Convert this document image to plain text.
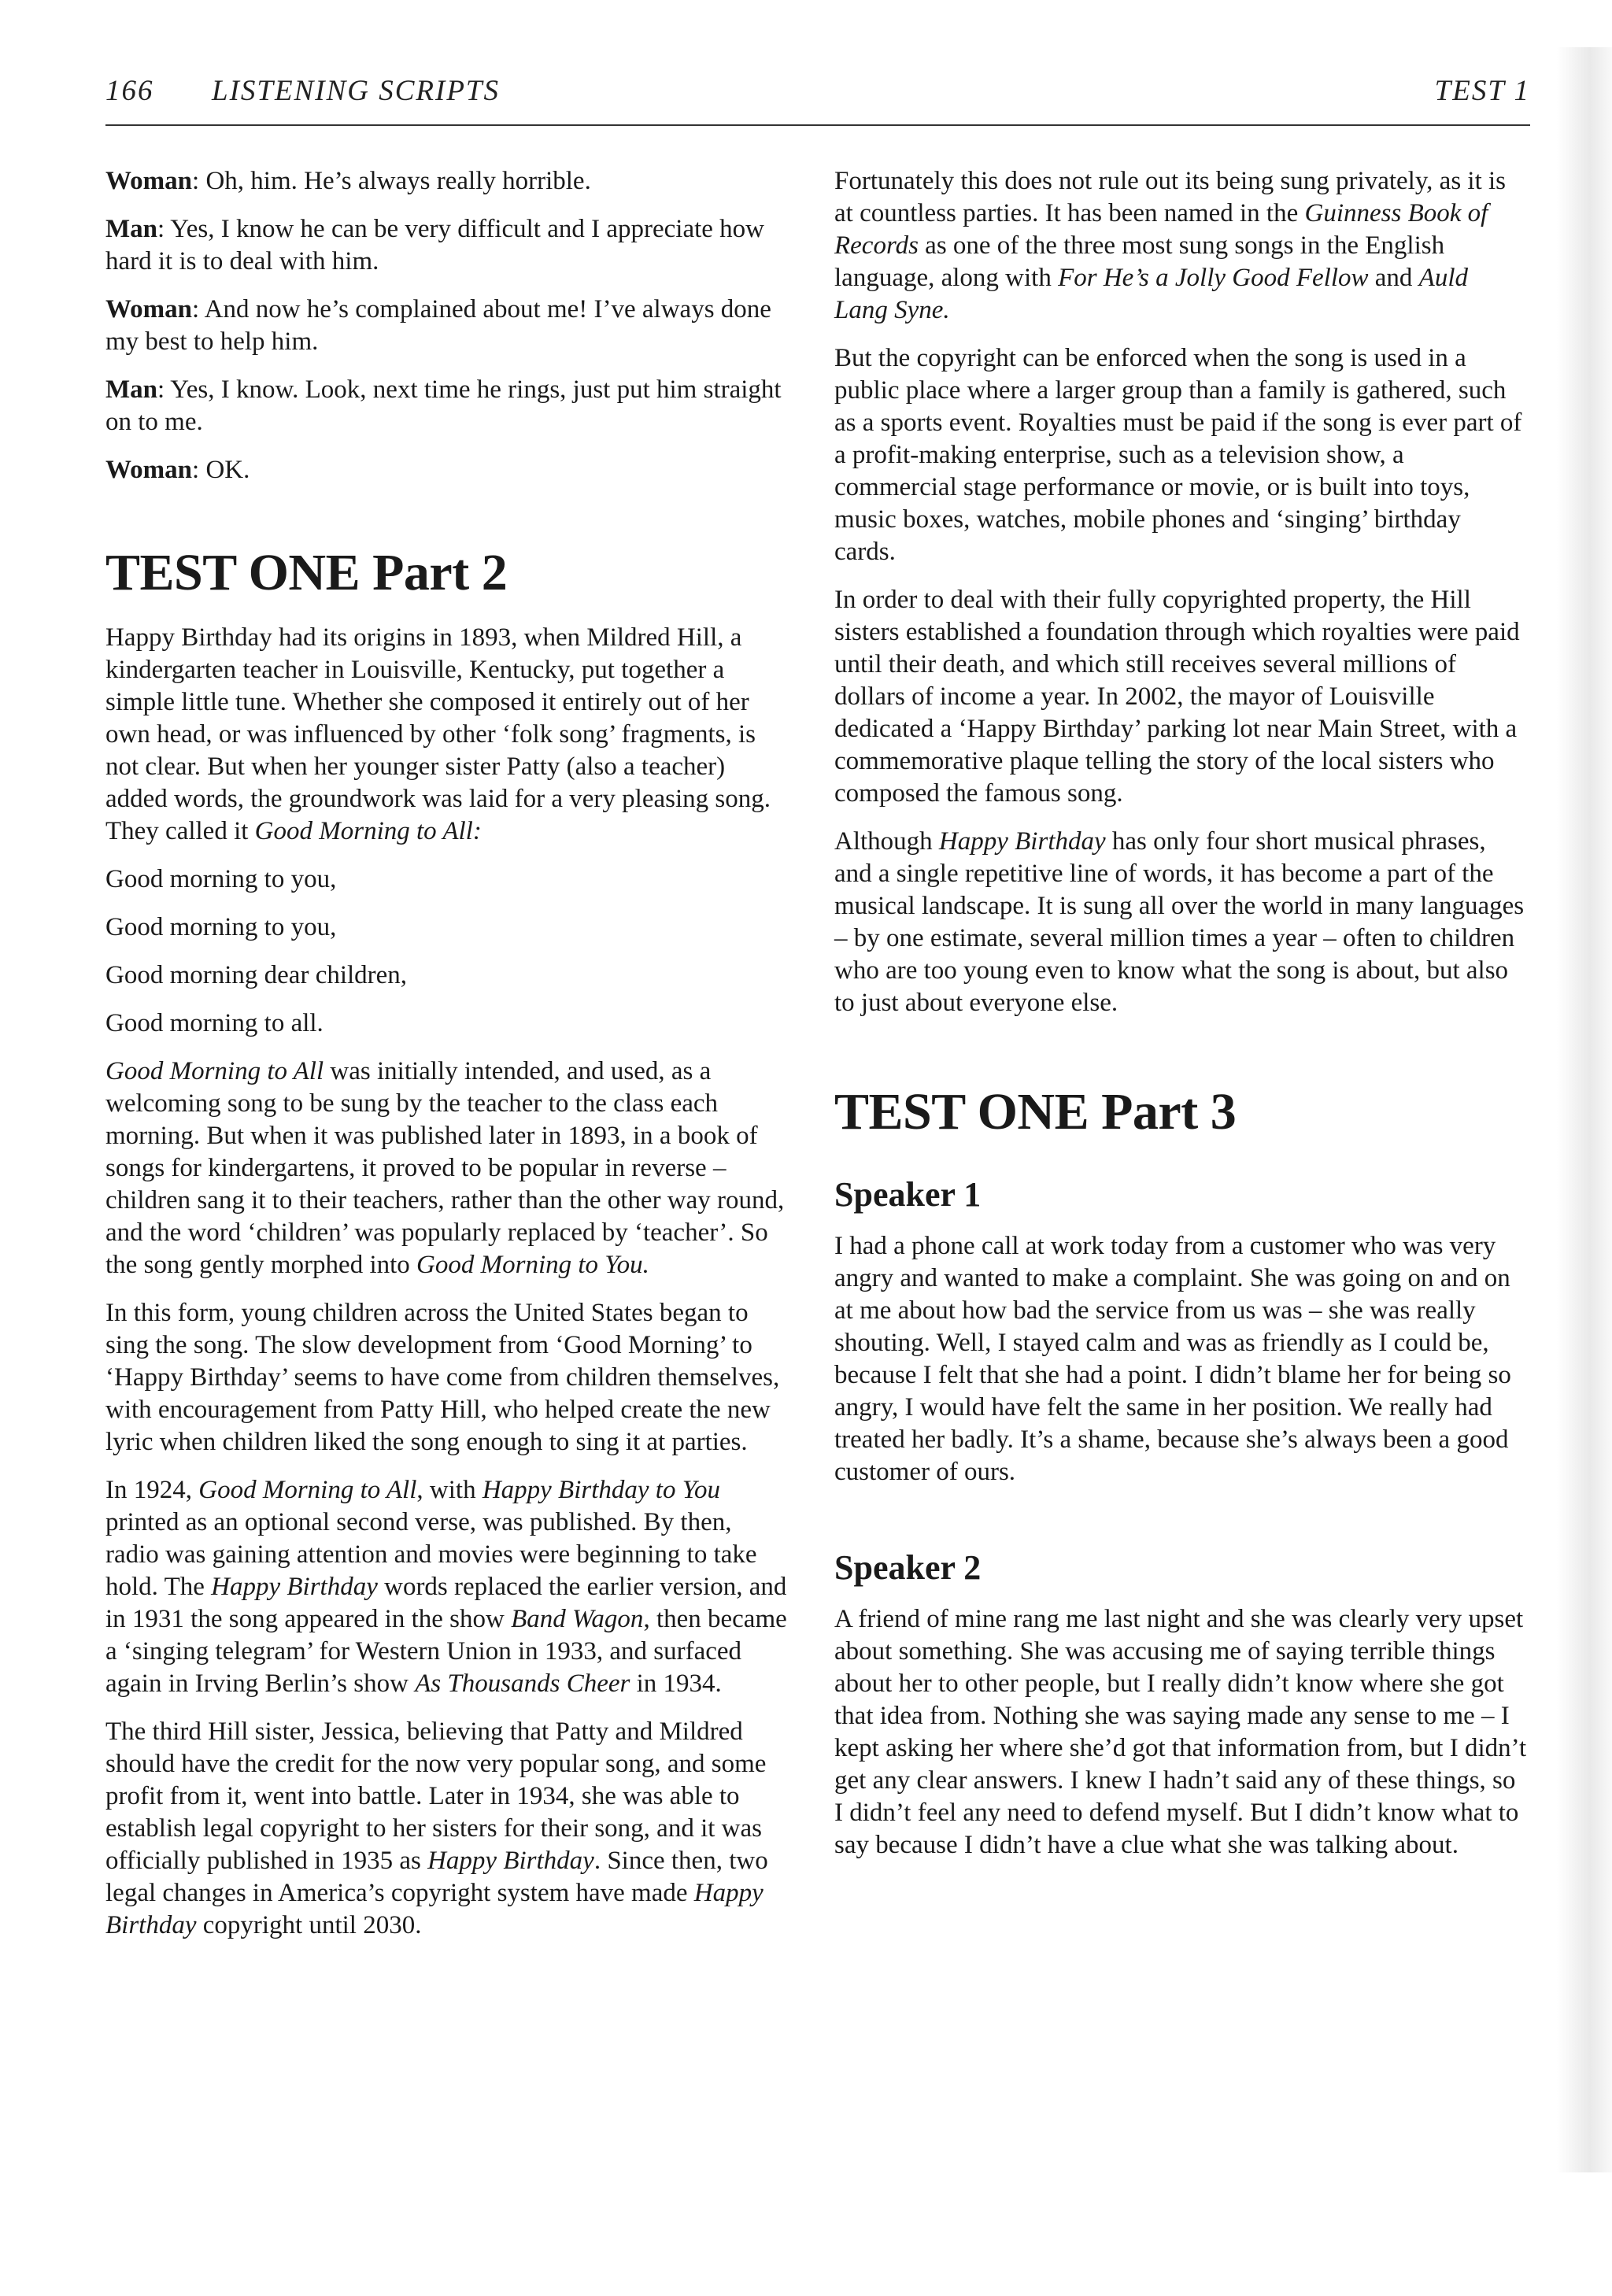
166 LISTENING SCRIPTS	TEST 1

Woman: Oh, him. He’s always really horrible.

Man: Yes, I know he can be very difficult and I appreciate how hard it is to deal with him.

Woman: And now he’s complained about me! I’ve always done my best to help him.

Man: Yes, I know. Look, next time he rings, just put him straight on to me.

Woman: OK.

TEST ONE Part 2

Happy Birthday had its origins in 1893, when Mildred Hill, a kindergarten teacher in Louisville, Kentucky, put together a simple little tune. Whether she composed it entirely out of her own head, or was influenced by other ‘folk song’ fragments, is not clear. But when her younger sister Patty (also a teacher) added words, the groundwork was laid for a very pleasing song. They called it Good Morning to All:

Good morning to you,

Good morning to you,

Good morning dear children,

Good morning to all.

Good Morning to All was initially intended, and used, as a welcoming song to be sung by the teacher to the class each morning. But when it was published later in 1893, in a book of songs for kindergartens, it proved to be popular in reverse – children sang it to their teachers, rather than the other way round, and the word ‘children’ was popularly replaced by ‘teacher’. So the song gently morphed into Good Morning to You.

In this form, young children across the United States began to sing the song. The slow development from ‘Good Morning’ to ‘Happy Birthday’ seems to have come from children themselves, with encouragement from Patty Hill, who helped create the new lyric when children liked the song enough to sing it at parties.

In 1924, Good Morning to All, with Happy Birthday to You printed as an optional second verse, was published. By then, radio was gaining attention and movies were beginning to take hold. The Happy Birthday words replaced the earlier version, and in 1931 the song appeared in the show Band Wagon, then became a ‘singing telegram’ for Western Union in 1933, and surfaced again in Irving Berlin’s show As Thousands Cheer in 1934.

The third Hill sister, Jessica, believing that Patty and Mildred should have the credit for the now very popular song, and some profit from it, went into battle. Later in 1934, she was able to establish legal copyright to her sisters for their song, and it was officially published in 1935 as Happy Birthday. Since then, two legal changes in America’s copyright system have made Happy Birthday copyright until 2030.

Fortunately this does not rule out its being sung privately, as it is at countless parties. It has been named in the Guinness Book of Records as one of the three most sung songs in the English language, along with For He’s a Jolly Good Fellow and Auld Lang Syne.

But the copyright can be enforced when the song is used in a public place where a larger group than a family is gathered, such as a sports event. Royalties must be paid if the song is ever part of a profit-making enterprise, such as a television show, a commercial stage performance or movie, or is built into toys, music boxes, watches, mobile phones and ‘singing’ birthday cards.

In order to deal with their fully copyrighted property, the Hill sisters established a foundation through which royalties were paid until their death, and which still receives several millions of dollars of income a year. In 2002, the mayor of Louisville dedicated a ‘Happy Birthday’ parking lot near Main Street, with a commemorative plaque telling the story of the local sisters who composed the famous song.

Although Happy Birthday has only four short musical phrases, and a single repetitive line of words, it has become a part of the musical landscape. It is sung all over the world in many languages – by one estimate, several million times a year – often to children who are too young even to know what the song is about, but also to just about everyone else.

TEST ONE Part 3
Speaker 1

I had a phone call at work today from a customer who was very angry and wanted to make a complaint. She was going on and on at me about how bad the service from us was – she was really shouting. Well, I stayed calm and was as friendly as I could be, because I felt that she had a point. I didn’t blame her for being so angry, I would have felt the same in her position. We really had treated her badly. It’s a shame, because she’s always been a good customer of ours.

Speaker 2

A friend of mine rang me last night and she was clearly very upset about something. She was accusing me of saying terrible things about her to other people, but I really didn’t know where she got that idea from. Nothing she was saying made any sense to me – I kept asking her where she’d got that information from, but I didn’t get any clear answers. I knew I hadn’t said any of these things, so I didn’t feel any need to defend myself. But I didn’t know what to say because I didn’t have a clue what she was talking about.
